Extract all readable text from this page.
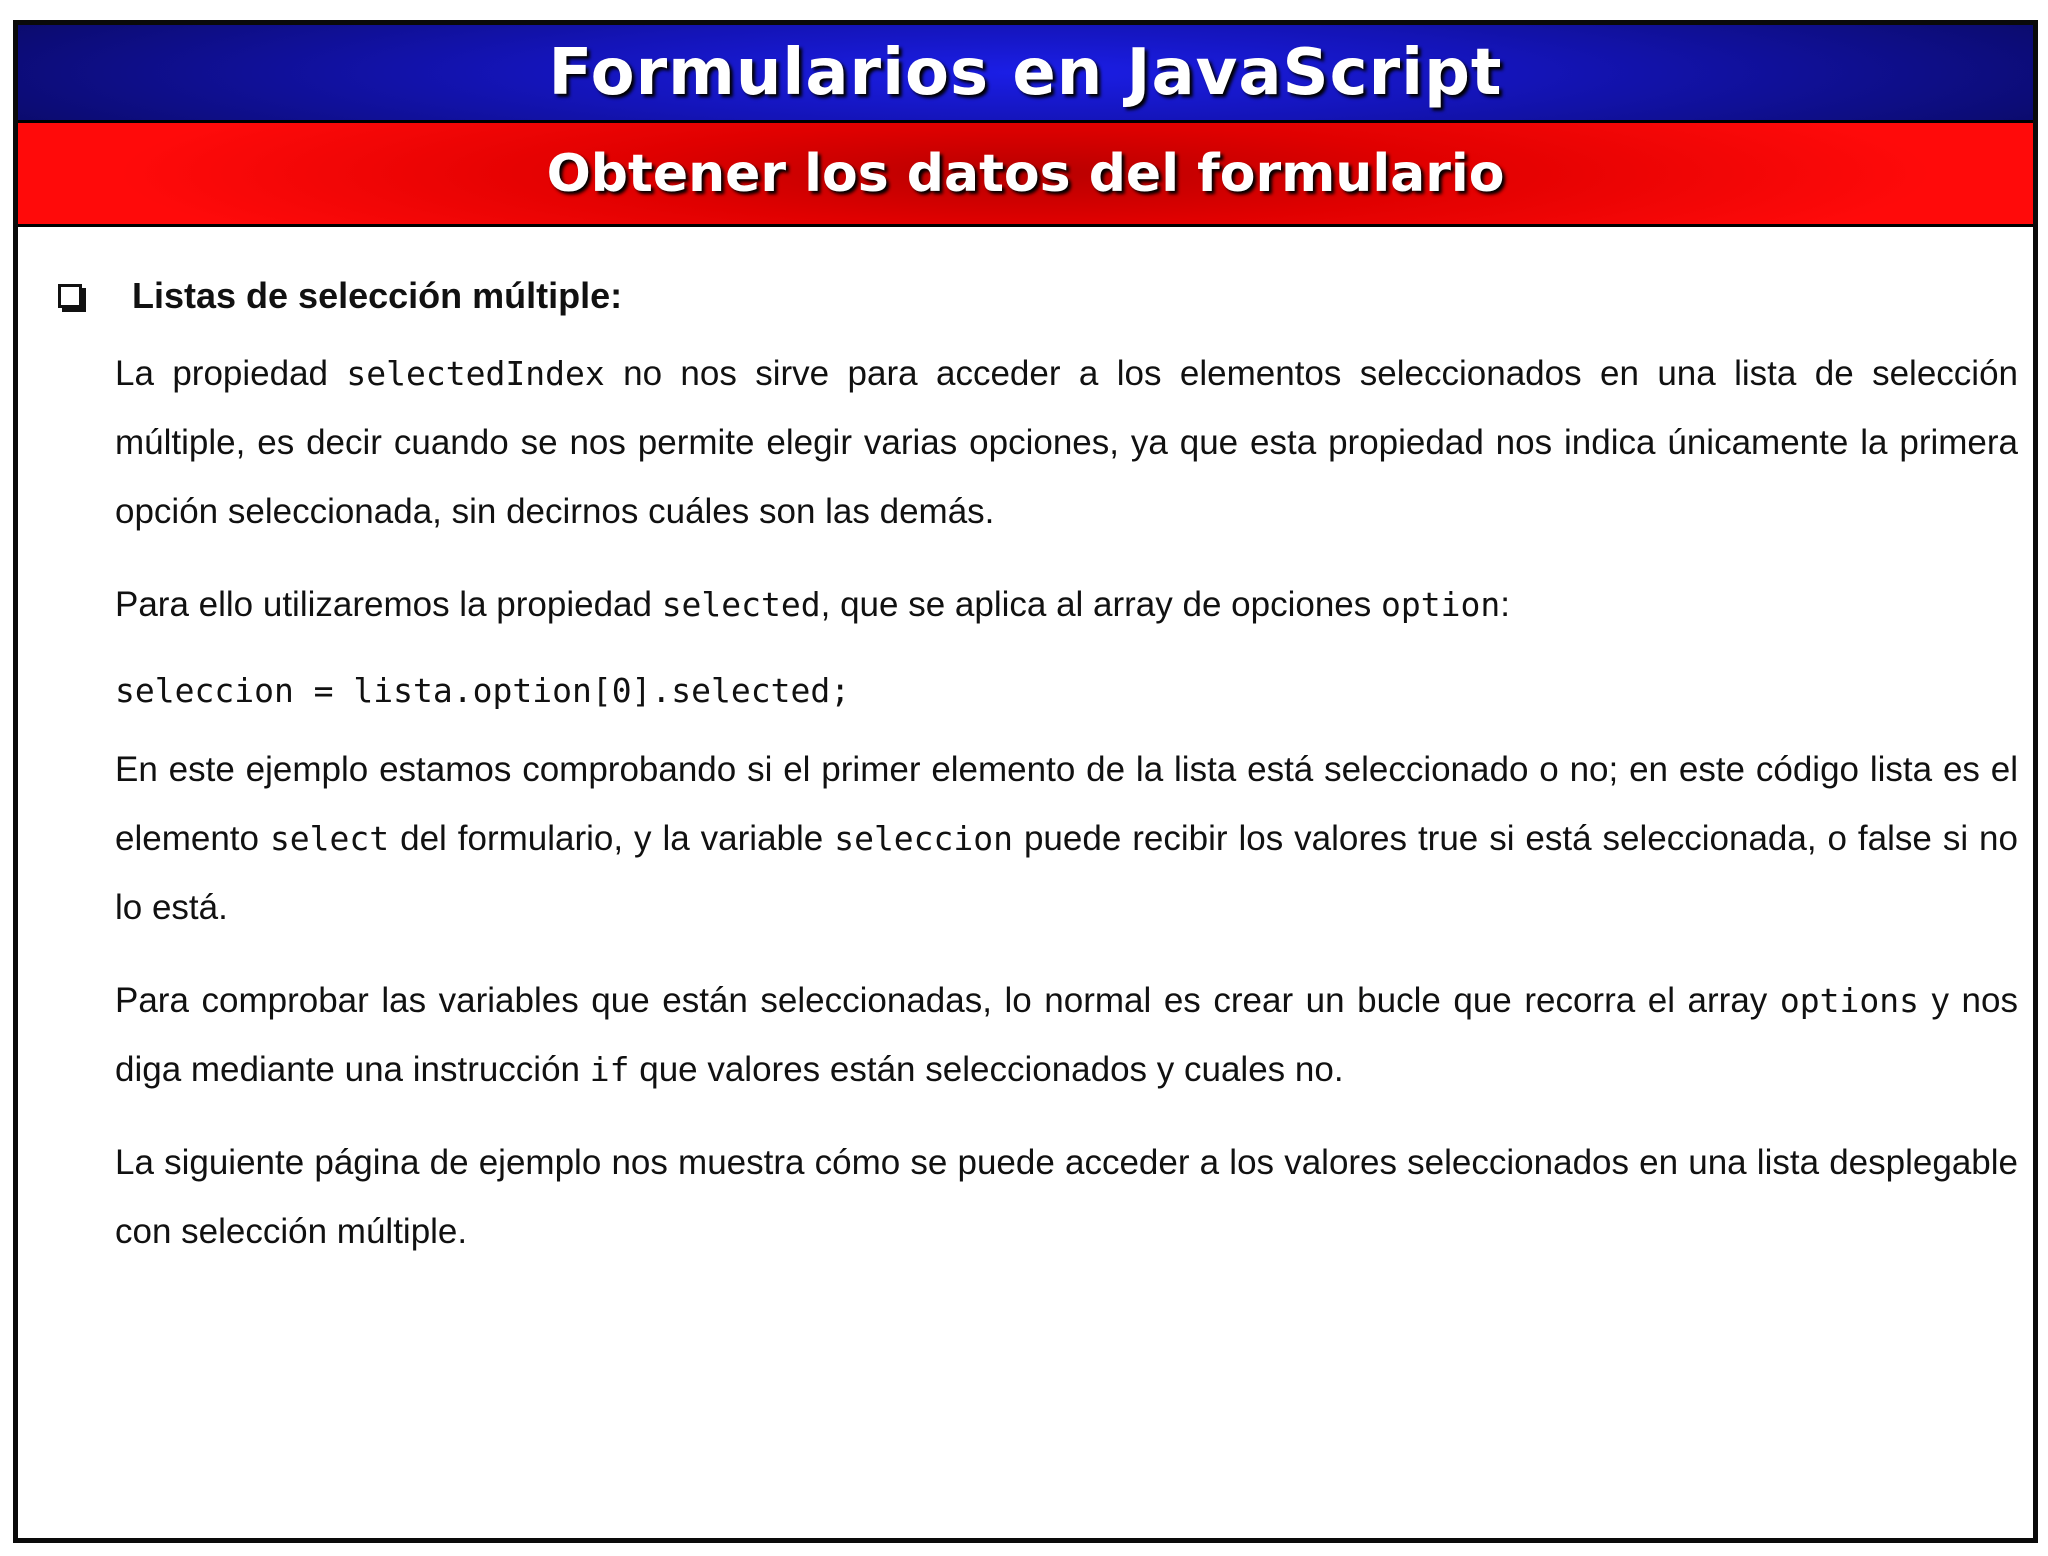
Formularios en JavaScript
Obtener los datos del formulario
Listas de selección múltiple:

La propiedad selectedIndex no nos sirve para acceder a los elementos seleccionados en una lista de selección múltiple, es decir cuando se nos permite elegir varias opciones, ya que esta propiedad nos indica únicamente la primera opción seleccionada, sin decirnos cuáles son las demás.

Para ello utilizaremos la propiedad selected, que se aplica al array de opciones option:

seleccion = lista.option[0].selected;

En este ejemplo estamos comprobando si el primer elemento de la lista está seleccionado o no; en este código lista es el elemento select del formulario, y la variable seleccion puede recibir los valores true si está seleccionada, o false si no lo está.

Para comprobar las variables que están seleccionadas, lo normal es crear un bucle que recorra el array options y nos diga mediante una instrucción if que valores están seleccionados y cuales no.

La siguiente página de ejemplo nos muestra cómo se puede acceder a los valores seleccionados en una lista desplegable con selección múltiple.
